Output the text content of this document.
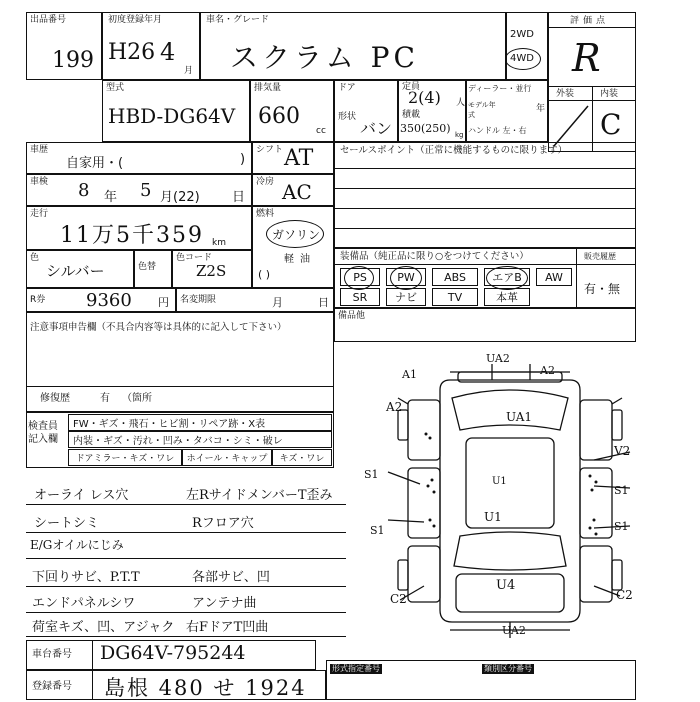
出品番号
199
初度登録年月
H26 4
月
車名・グレード
スクラム PC
2WD
4WD
評価点
R
外装	内装
C
型式
HBD-DG64V
排気量
660
cc
ドア
形状
バン
定員
2(4) 人
積載
350(250) kg
ディーラー・並行
モデル年式
年
ハンドル 左・右
車歴
自家用・(	)
シフト AT	セールスポイント（正常に機能するものに限ります）
車検 8 年 5 月(22) 日
冷房 AC
走行
11万5千359 km
燃料
ガソリン
軽油
( )
色
シルバー	色替
色コード
Z2S
装備品（純正品に限り○をつけてください）	販売履歴
有・無
PS	PW	ABS	エアB	AW
SR	ナビ	TV	本革
備品他
R券 9360 円 名変期限	月	日
注意事項申告欄（不具合内容等は具体的に記入して下さい）
修復歴	有 （箇所
検査員記入欄
FW・ギズ・飛石・ヒビ割・リペア跡・X表
内装・ギズ・汚れ・凹み・タバコ・シミ・破レ
ドアミラー・キズ・ワレ	ホイール・キャップ	キズ・ワレ
オーライ レス穴	左RサイドメンバーT歪み
シートシミ	Rフロア穴
E/Gオイルにじみ
下回りサビ、P.T.T	各部サビ、凹
エンドパネルシワ	アンテナ曲
荷室キズ、凹、アジャク 右FドアT凹曲
UA2
A2
A2
UA1
V2
S1
S1
U1
S1	S1
U1
U4
C2	C2
UA2
A1
車台番号 DG64V-795244
登録番号 島根 480 せ 1924
形式指定番号	類別区分番号
